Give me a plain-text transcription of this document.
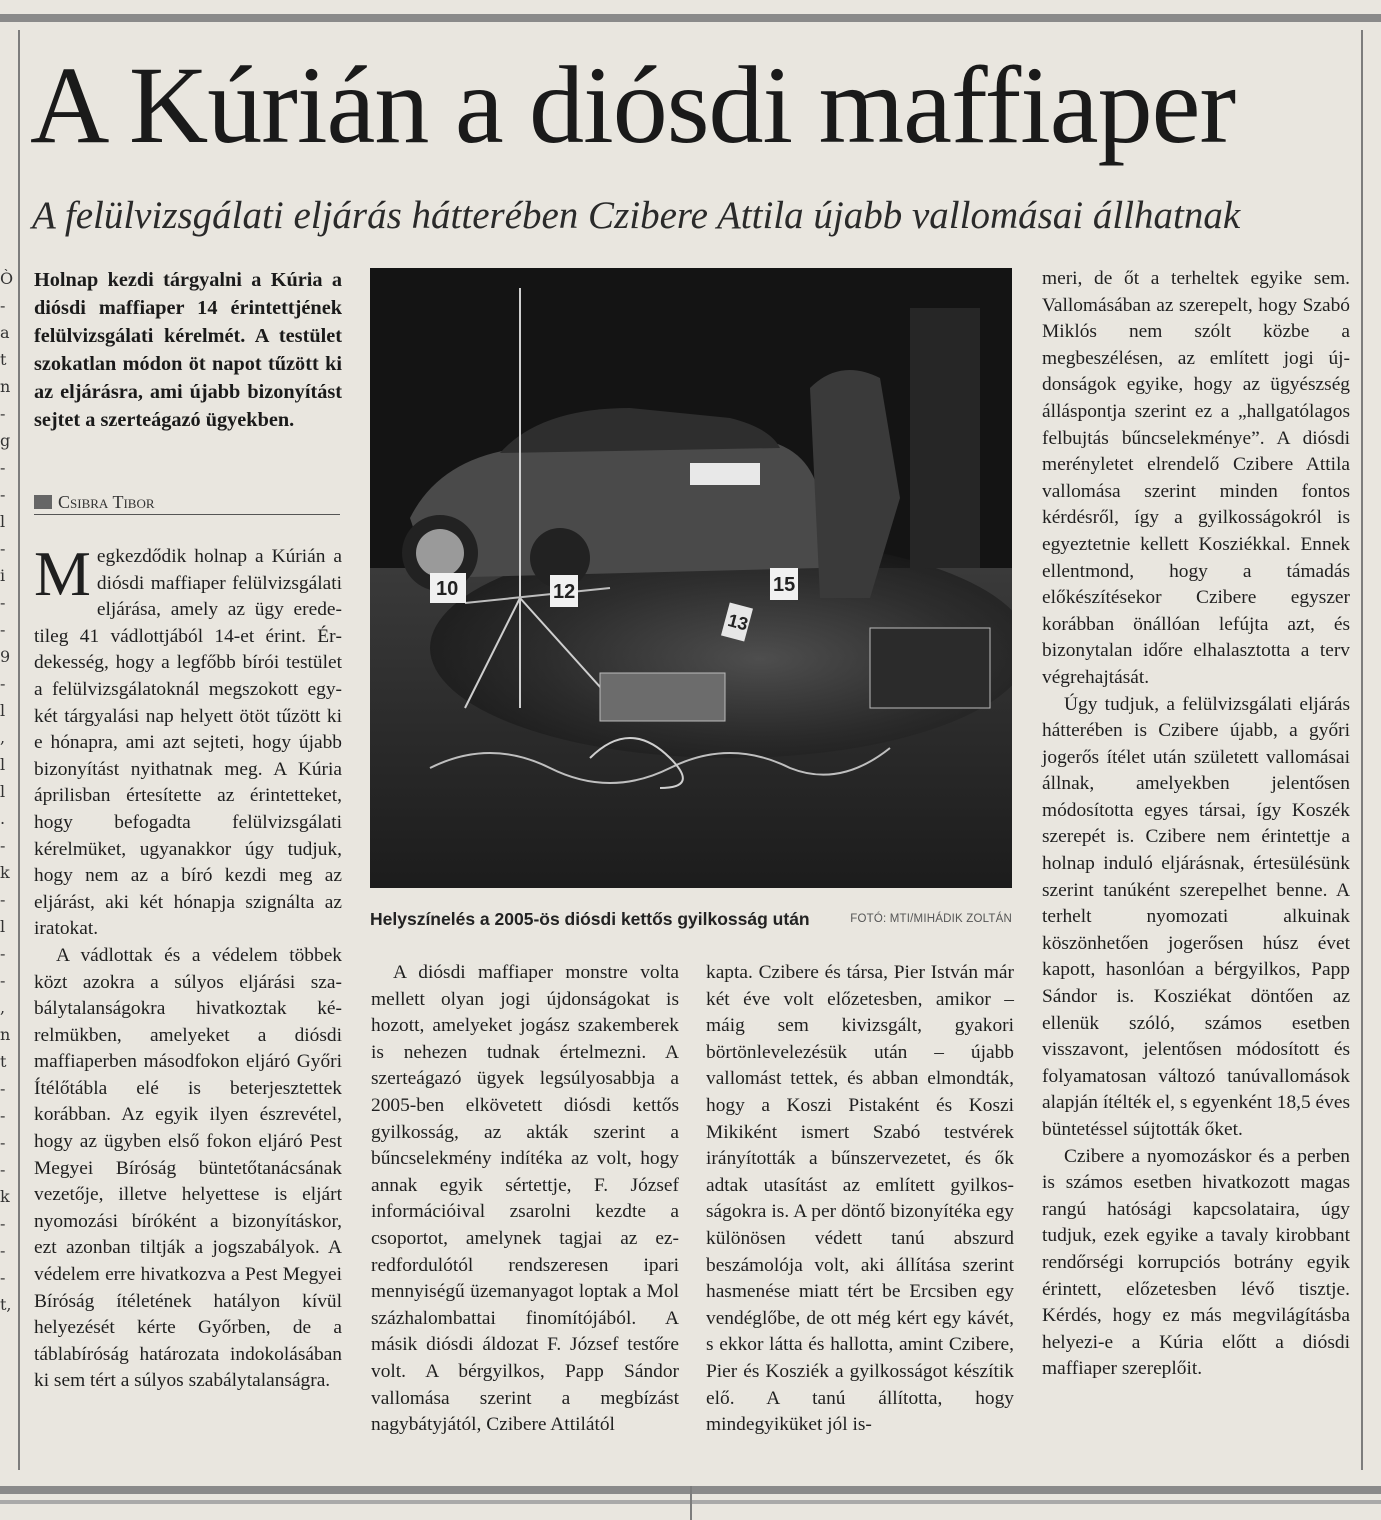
Ò
-
a
t
n
-
g
-
-
l
-
i
-
-
9
-
l
,
l
l
.
-
k
-
l
-
-
,
n
t
-
-
-
-
k
-
-
-
t,
A Kúrián a diósdi maffiaper
A felülvizsgálati eljárás hátterében Czibere Attila újabb vallomásai állhatnak
Holnap kezdi tárgyalni a Kúria a diósdi maffiaper 14 érintettjének felülvizsgálati kérelmét. A testület szokatlan módon öt napot tűzött ki az eljárásra, ami újabb bizonyítást sejtet a szerteágazó ügyekben.
Csibra Tibor

Megkezdődik holnap a Kúrián a diósdi maffiaper felülvizsgálati eljárása, amely az ügy eredetileg 41 vádlottjából 14-et érint. Érdekesség, hogy a legfőbb bírói testület a felülvizsgálatoknál megszokott egy-két tárgyalási nap helyett ötöt tűzött ki e hónapra, ami azt sejteti, hogy újabb bizonyítást nyithatnak meg. A Kúria áprilisban értesítette az érintetteket, hogy befogadta felülvizsgálati kérelmüket, ugyanakkor úgy tudjuk, hogy nem az a bíró kezdi meg az eljárást, aki két hónapja szignálta az iratokat.

A vádlottak és a védelem többek közt azokra a súlyos eljárási szabálytalanságokra hivatkoztak kérelmükben, amelyeket a diósdi maffiaperben másodfokon eljáró Győri Ítélőtábla elé is beterjesztettek korábban. Az egyik ilyen észrevétel, hogy az ügyben első fokon eljáró Pest Megyei Bíróság büntetőtanácsának vezetője, illetve helyettese is eljárt nyomozási bíróként a bizonyításkor, ezt azonban tiltják a jogszabályok. A védelem erre hivatkozva a Pest Megyei Bíróság ítéletének hatályon kívül helyezését kérte Győrben, de a táblabíróság határozata indokolásában ki sem tért a súlyos szabálytalanságra.

10	12	15
13
Helyszínelés a 2005-ös diósdi kettős gyilkosság után	FOTÓ: MTI/MIHÁDIK ZOLTÁN

A diósdi maffiaper monstre volta mellett olyan jogi újdonságokat is hozott, amelyeket jogász szakemberek is nehezen tudnak értelmezni. A szerteágazó ügyek legsúlyosabbja a 2005-ben elkövetett diósdi kettős gyilkosság, az akták szerint a bűncselekmény indítéka az volt, hogy annak egyik sértettje, F. József információival zsarolni kezdte a csoportot, amelynek tagjai az ezredfordulótól rendszeresen ipari mennyiségű üzemanyagot loptak a Mol százhalombattai finomítójából. A másik diósdi áldozat F. József testőre volt. A bérgyilkos, Papp Sándor vallomása szerint a megbízást nagybátyjától, Czibere Attilától

kapta. Czibere és társa, Pier István már két éve volt előzetesben, amikor – máig sem kivizsgált, gyakori börtönlevelezésük után – újabb vallomást tettek, és abban elmondták, hogy a Koszi Pistaként és Koszi Mikiként ismert Szabó testvérek irányították a bűnszervezetet, és ők adtak utasítást az említett gyilkosságokra is. A per döntő bizonyítéka egy különösen védett tanú abszurd beszámolója volt, aki állítása szerint hasmenése miatt tért be Ercsiben egy vendéglőbe, de ott még kért egy kávét, s ekkor látta és hallotta, amint Czibere, Pier és Kosziék a gyilkosságot készítik elő. A tanú állította, hogy mindegyiküket jól is-

meri, de őt a terheltek egyike sem. Vallomásában az szerepelt, hogy Szabó Miklós nem szólt közbe a megbeszélésen, az említett jogi újdonságok egyike, hogy az ügyészség álláspontja szerint ez a „hallgatólagos felbujtás bűncselekménye”. A diósdi merényletet elrendelő Czibere Attila vallomása szerint minden fontos kérdésről, így a gyilkosságokról is egyeztetnie kellett Kosziékkal. Ennek ellentmond, hogy a támadás előkészítésekor Czibere egyszer korábban önállóan lefújta azt, és bizonytalan időre elhalasztotta a terv végrehajtását.

Úgy tudjuk, a felülvizsgálati eljárás hátterében is Czibere újabb, a győri jogerős ítélet után született vallomásai állnak, amelyekben jelentősen módosította egyes társai, így Koszék szerepét is. Czibere nem érintettje a holnap induló eljárásnak, értesülésünk szerint tanúként szerepelhet benne. A terhelt nyomozati alkuinak köszönhetően jogerősen húsz évet kapott, hasonlóan a bérgyilkos, Papp Sándor is. Kosziékat döntően az ellenük szóló, számos esetben visszavont, jelentősen módosított és folyamatosan változó tanúvallomások alapján ítélték el, s egyenként 18,5 éves büntetéssel sújtották őket.

Czibere a nyomozáskor és a perben is számos esetben hivatkozott magas rangú hatósági kapcsolataira, úgy tudjuk, ezek egyike a tavaly kirobbant rendőrségi korrupciós botrány egyik érintett, előzetesben lévő tisztje. Kérdés, hogy ez más megvilágításba helyezi-e a Kúria előtt a diósdi maffiaper szereplőit.
